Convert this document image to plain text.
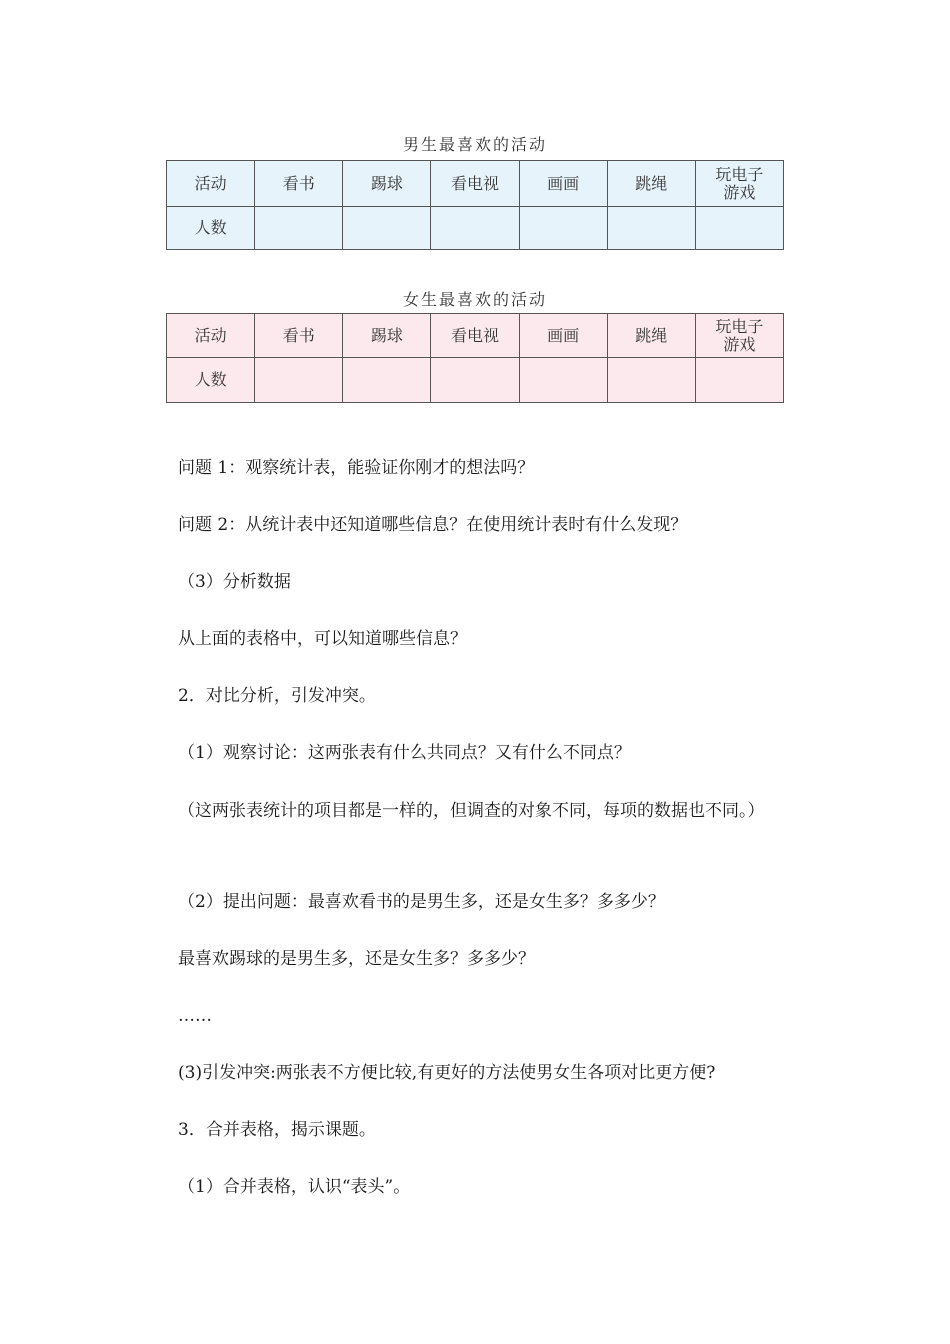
男生最喜欢的活动
活动	看书	踢球	看电视	画画	跳绳	玩电子
游戏
人数						
女生最喜欢的活动
活动	看书	踢球	看电视	画画	跳绳	玩电子
游戏
人数						
问题 1：观察统计表，能验证你刚才的想法吗？
问题 2：从统计表中还知道哪些信息？在使用统计表时有什么发现？
（3）分析数据
从上面的表格中，可以知道哪些信息？
2．对比分析，引发冲突。
（1）观察讨论：这两张表有什么共同点？又有什么不同点？
（这两张表统计的项目都是一样的，但调查的对象不同，每项的数据也不同。）
（2）提出问题：最喜欢看书的是男生多，还是女生多？多多少？
最喜欢踢球的是男生多，还是女生多？多多少？
……
(3)引发冲突:两张表不方便比较,有更好的方法使男女生各项对比更方便?
3．合并表格，揭示课题。
（1）合并表格，认识“表头”。
